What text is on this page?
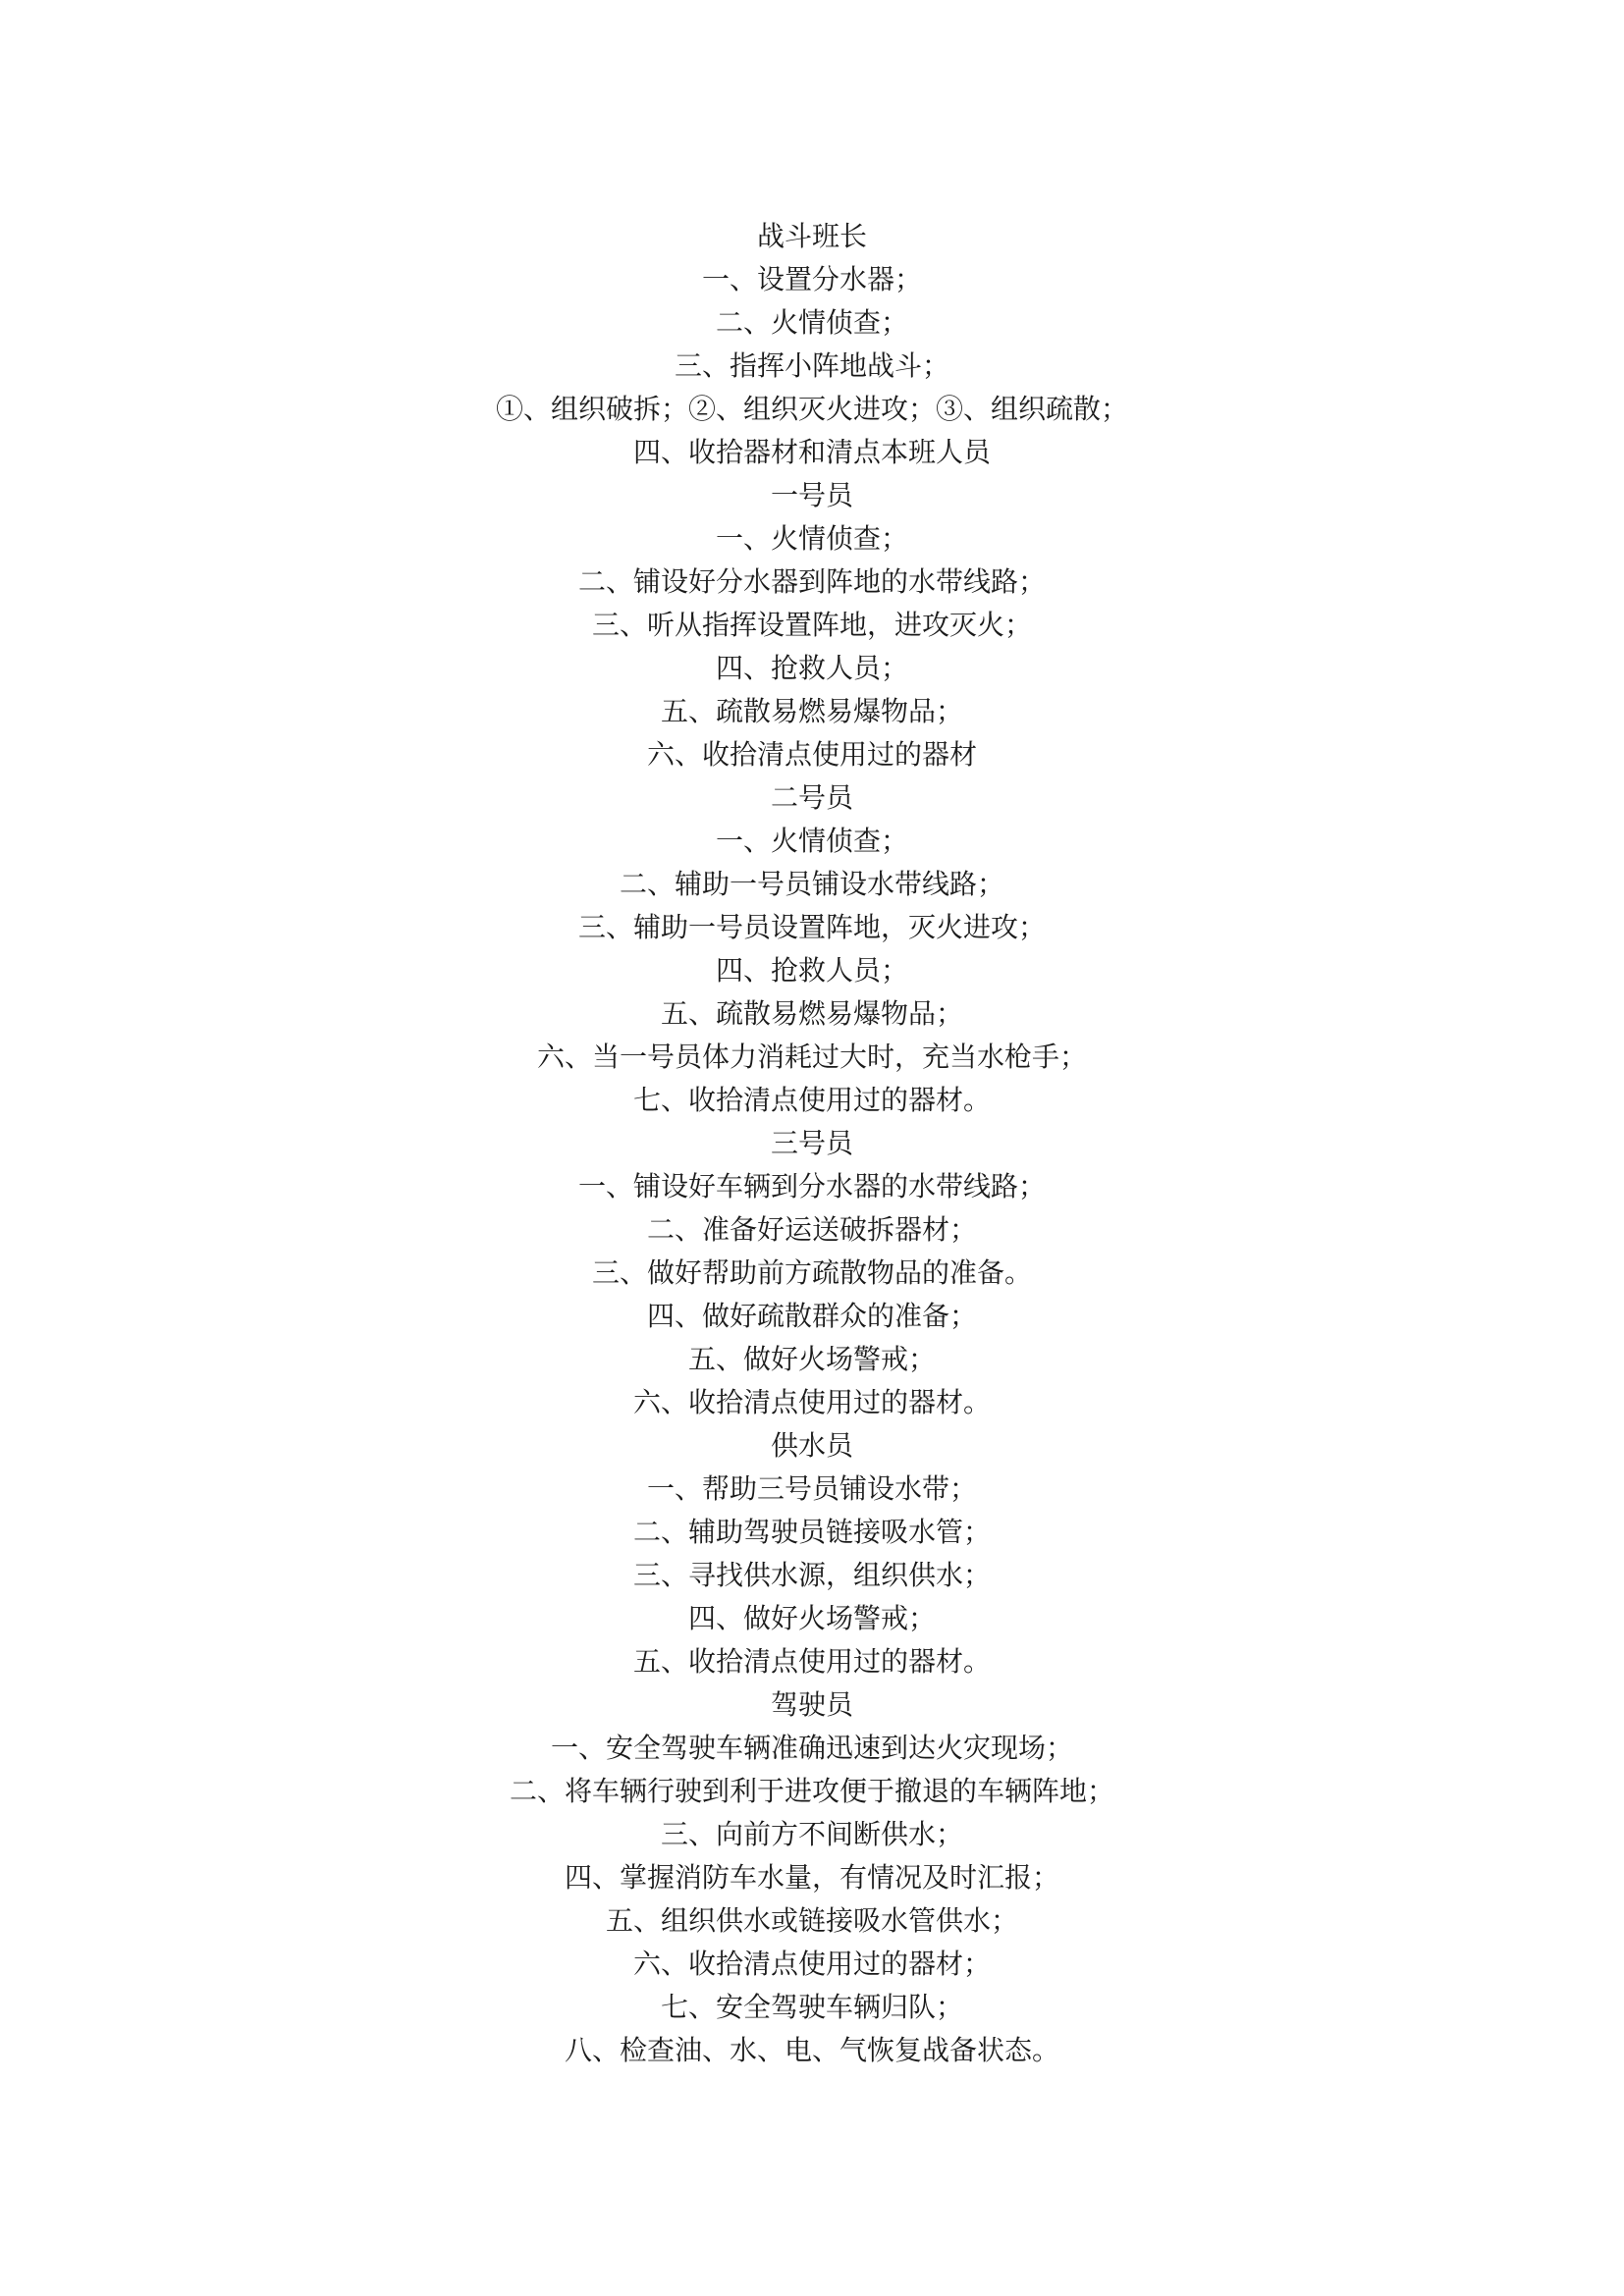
战斗班长
一、设置分水器；
二、火情侦查；
三、指挥小阵地战斗；
①、组织破拆；②、组织灭火进攻；③、组织疏散；
四、收拾器材和清点本班人员
一号员
一、火情侦查；
二、铺设好分水器到阵地的水带线路；
三、听从指挥设置阵地，进攻灭火；
四、抢救人员；
五、疏散易燃易爆物品；
六、收拾清点使用过的器材
二号员
一、火情侦查；
二、辅助一号员铺设水带线路；
三、辅助一号员设置阵地，灭火进攻；
四、抢救人员；
五、疏散易燃易爆物品；
六、当一号员体力消耗过大时，充当水枪手；
七、收拾清点使用过的器材。
三号员
一、铺设好车辆到分水器的水带线路；
二、准备好运送破拆器材；
三、做好帮助前方疏散物品的准备。
四、做好疏散群众的准备；
五、做好火场警戒；
六、收拾清点使用过的器材。
供水员
一、帮助三号员铺设水带；
二、辅助驾驶员链接吸水管；
三、寻找供水源，组织供水；
四、做好火场警戒；
五、收拾清点使用过的器材。
驾驶员
一、安全驾驶车辆准确迅速到达火灾现场；
二、将车辆行驶到利于进攻便于撤退的车辆阵地；
三、向前方不间断供水；
四、掌握消防车水量，有情况及时汇报；
五、组织供水或链接吸水管供水；
六、收拾清点使用过的器材；
七、安全驾驶车辆归队；
八、检查油、水、电、气恢复战备状态。
